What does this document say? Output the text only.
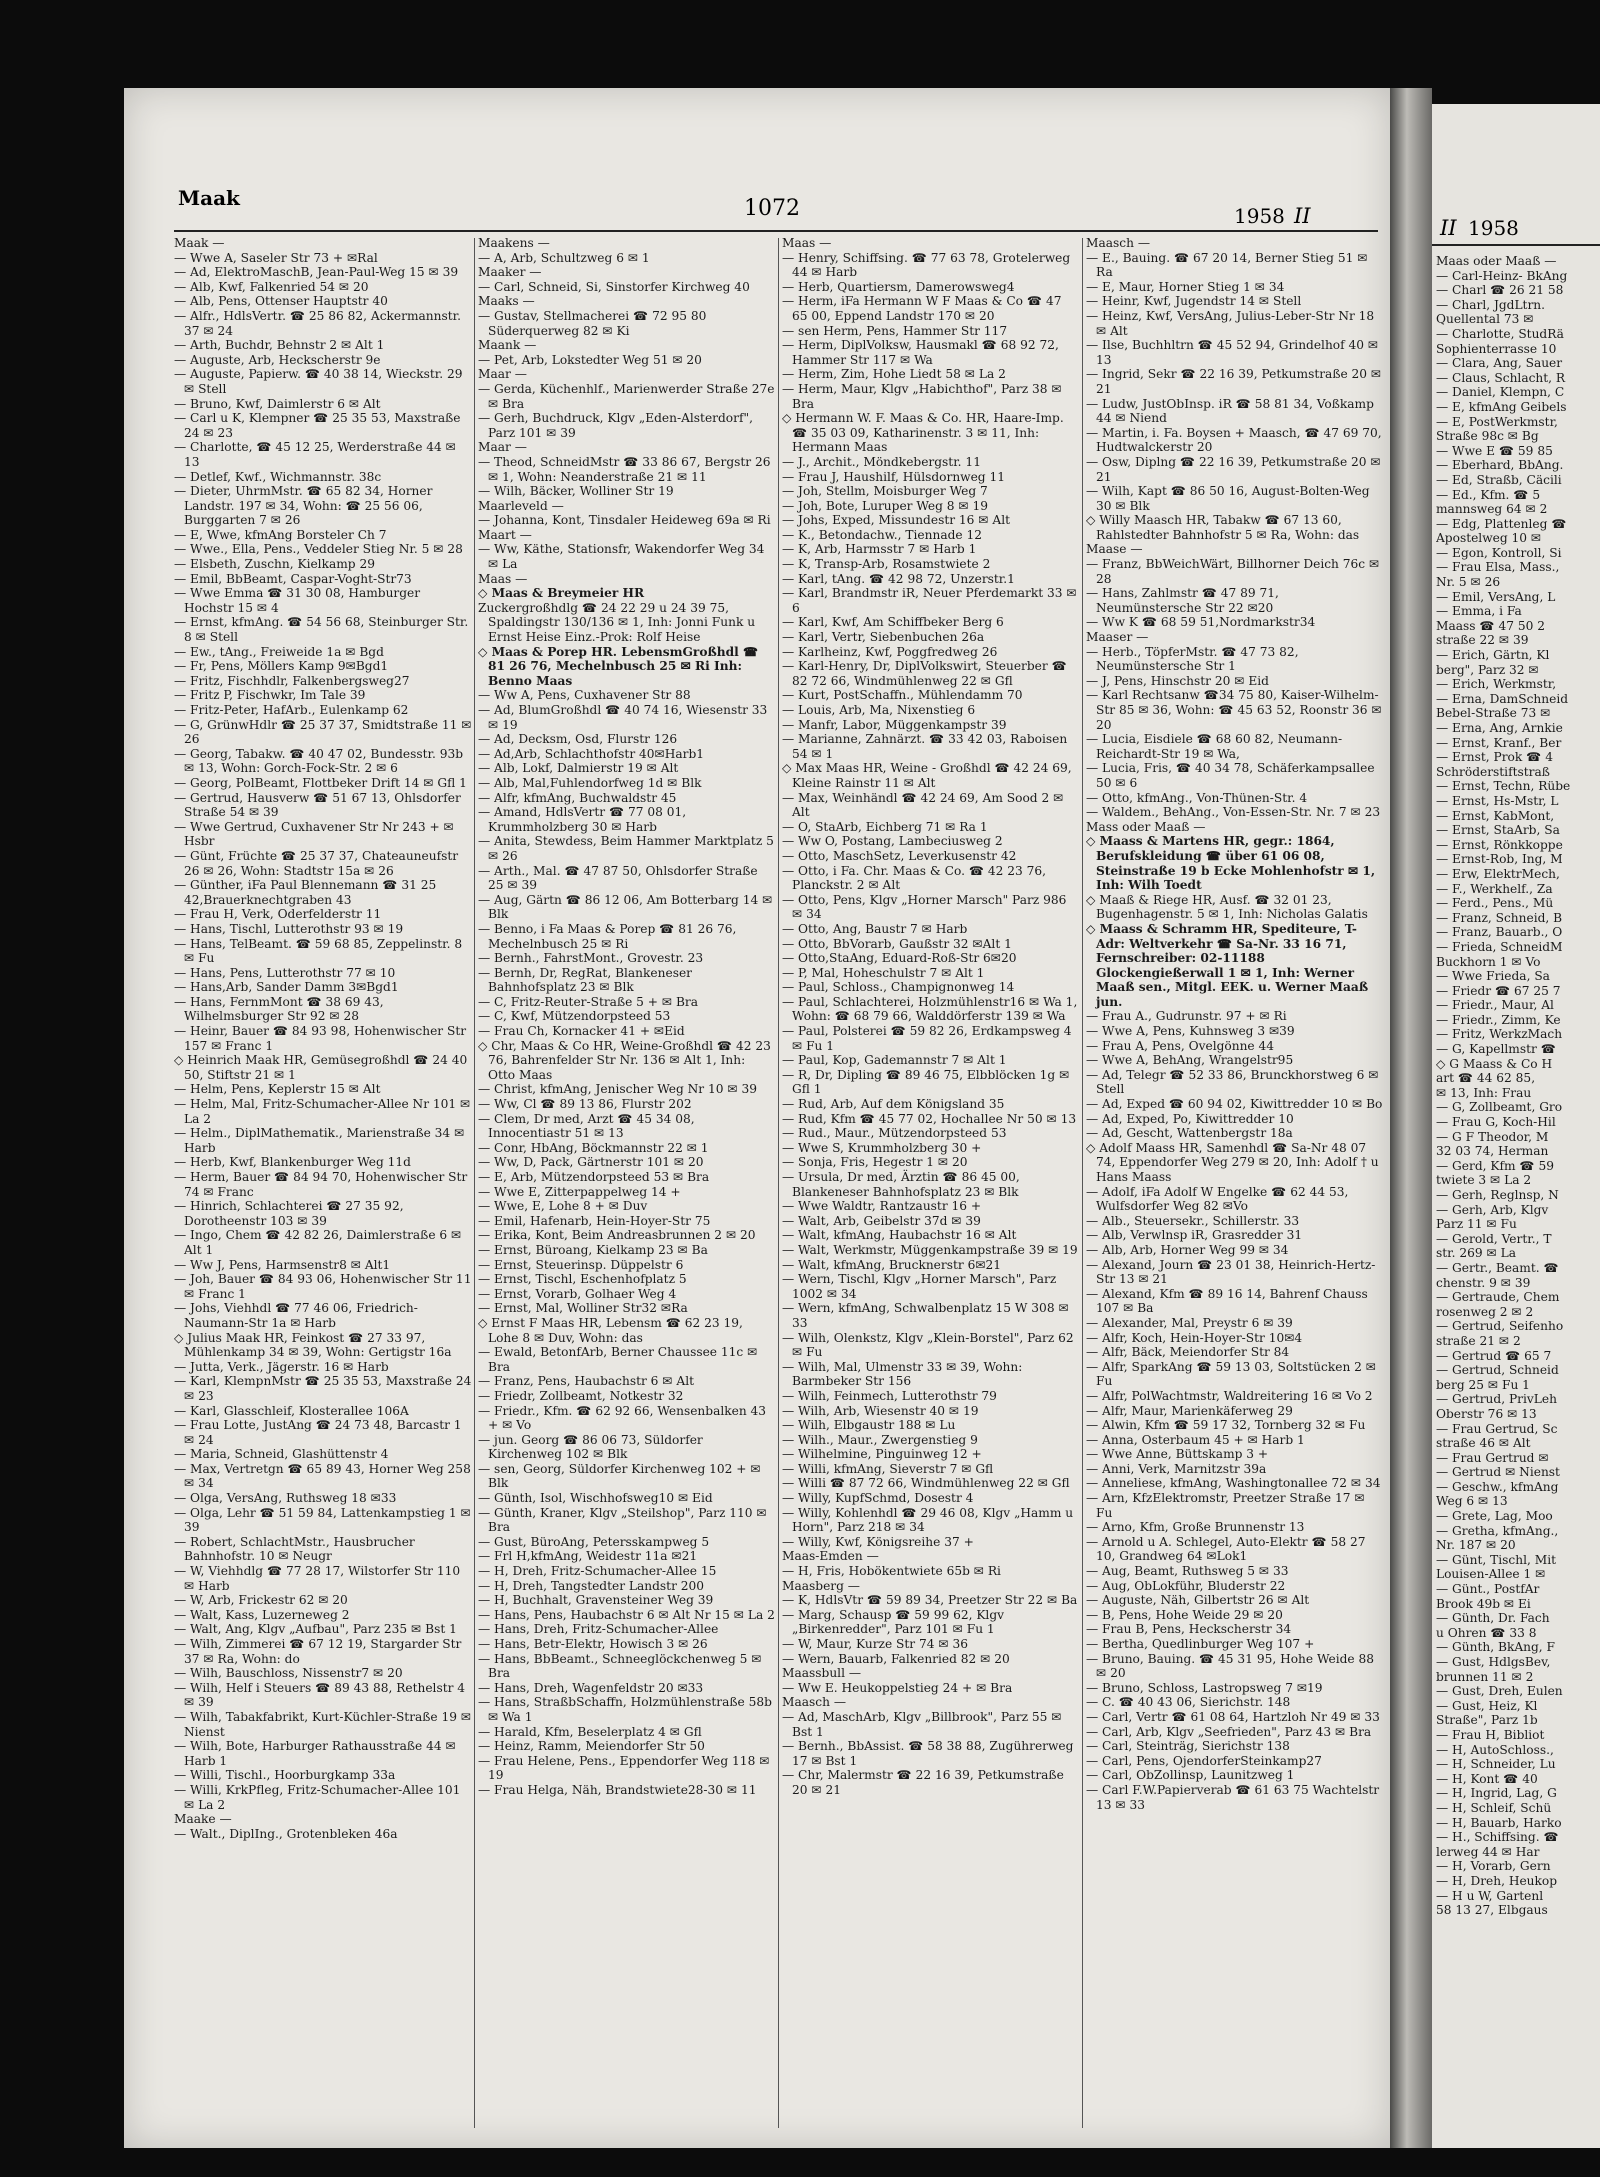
Maak	1072	1958 II
Maak —
— Wwe A, Saseler Str 73 + ✉Ral
— Ad, ElektroMaschB, Jean-Paul-Weg 15 ✉ 39
— Alb, Kwf, Falkenried 54 ✉ 20
— Alb, Pens, Ottenser Hauptstr 40
— Alfr., HdlsVertr. ☎ 25 86 82, Ackermannstr. 37 ✉ 24
— Arth, Buchdr, Behnstr 2 ✉ Alt 1
— Auguste, Arb, Heckscherstr 9e
— Auguste, Papierw. ☎ 40 38 14, Wieckstr. 29 ✉ Stell
— Bruno, Kwf, Daimlerstr 6 ✉ Alt
— Carl u K, Klempner ☎ 25 35 53, Maxstraße 24 ✉ 23
— Charlotte, ☎ 45 12 25, Werderstraße 44 ✉ 13
— Detlef, Kwf., Wichmannstr. 38c
— Dieter, UhrmMstr. ☎ 65 82 34, Horner Landstr. 197 ✉ 34, Wohn: ☎ 25 56 06, Burggarten 7 ✉ 26
— E, Wwe, kfmAng Borsteler Ch 7
— Wwe., Ella, Pens., Veddeler Stieg Nr. 5 ✉ 28
— Elsbeth, Zuschn, Kielkamp 29
— Emil, BbBeamt, Caspar-Voght-Str73
— Wwe Emma ☎ 31 30 08, Hamburger Hochstr 15 ✉ 4
— Ernst, kfmAng. ☎ 54 56 68, Steinburger Str. 8 ✉ Stell
— Ew., tAng., Freiweide 1a ✉ Bgd
— Fr, Pens, Möllers Kamp 9✉Bgd1
— Fritz, Fischhdlr, Falkenbergsweg27
— Fritz P, Fischwkr, Im Tale 39
— Fritz-Peter, HafArb., Eulenkamp 62
— G, GrünwHdlr ☎ 25 37 37, Smidtstraße 11 ✉ 26
— Georg, Tabakw. ☎ 40 47 02, Bundesstr. 93b ✉ 13, Wohn: Gorch-Fock-Str. 2 ✉ 6
— Georg, PolBeamt, Flottbeker Drift 14 ✉ Gfl 1
— Gertrud, Hausverw ☎ 51 67 13, Ohlsdorfer Straße 54 ✉ 39
— Wwe Gertrud, Cuxhavener Str Nr 243 + ✉ Hsbr
— Günt, Früchte ☎ 25 37 37, Chateauneufstr 26 ✉ 26, Wohn: Stadtstr 15a ✉ 26
— Günther, iFa Paul Blennemann ☎ 31 25 42,Brauerknechtgraben 43
— Frau H, Verk, Oderfelderstr 11
— Hans, Tischl, Lutterothstr 93 ✉ 19
— Hans, TelBeamt. ☎ 59 68 85, Zeppelinstr. 8 ✉ Fu
— Hans, Pens, Lutterothstr 77 ✉ 10
— Hans,Arb, Sander Damm 3✉Bgd1
— Hans, FernmMont ☎ 38 69 43, Wilhelmsburger Str 92 ✉ 28
— Heinr, Bauer ☎ 84 93 98, Hohenwischer Str 157 ✉ Franc 1
◇ Heinrich Maak HR, Gemüsegroßhdl ☎ 24 40 50, Stiftstr 21 ✉ 1
— Helm, Pens, Keplerstr 15 ✉ Alt
— Helm, Mal, Fritz-Schumacher-Allee Nr 101 ✉ La 2
— Helm., DiplMathematik., Marienstraße 34 ✉ Harb
— Herb, Kwf, Blankenburger Weg 11d
— Herm, Bauer ☎ 84 94 70, Hohenwischer Str 74 ✉ Franc
— Hinrich, Schlachterei ☎ 27 35 92, Dorotheenstr 103 ✉ 39
— Ingo, Chem ☎ 42 82 26, Daimlerstraße 6 ✉ Alt 1
— Ww J, Pens, Harmsenstr8 ✉ Alt1
— Joh, Bauer ☎ 84 93 06, Hohenwischer Str 11 ✉ Franc 1
— Johs, Viehhdl ☎ 77 46 06, Friedrich-Naumann-Str 1a ✉ Harb
◇ Julius Maak HR, Feinkost ☎ 27 33 97, Mühlenkamp 34 ✉ 39, Wohn: Gertigstr 16a
— Jutta, Verk., Jägerstr. 16 ✉ Harb
— Karl, KlempnMstr ☎ 25 35 53, Maxstraße 24 ✉ 23
— Karl, Glasschleif, Klosterallee 106A
— Frau Lotte, JustAng ☎ 24 73 48, Barcastr 1 ✉ 24
— Maria, Schneid, Glashüttenstr 4
— Max, Vertretgn ☎ 65 89 43, Horner Weg 258 ✉ 34
— Olga, VersAng, Ruthsweg 18 ✉33
— Olga, Lehr ☎ 51 59 84, Lattenkampstieg 1 ✉ 39
— Robert, SchlachtMstr., Hausbrucher Bahnhofstr. 10 ✉ Neugr
— W, Viehhdlg ☎ 77 28 17, Wilstorfer Str 110 ✉ Harb
— W, Arb, Frickestr 62 ✉ 20
— Walt, Kass, Luzerneweg 2
— Walt, Ang, Klgv „Aufbau", Parz 235 ✉ Bst 1
— Wilh, Zimmerei ☎ 67 12 19, Stargarder Str 37 ✉ Ra, Wohn: do
— Wilh, Bauschloss, Nissenstr7 ✉ 20
— Wilh, Helf i Steuers ☎ 89 43 88, Rethelstr 4 ✉ 39
— Wilh, Tabakfabrikt, Kurt-Küchler-Straße 19 ✉ Nienst
— Wilh, Bote, Harburger Rathausstraße 44 ✉ Harb 1
— Willi, Tischl., Hoorburgkamp 33a
— Willi, KrkPfleg, Fritz-Schumacher-Allee 101 ✉ La 2
Maake —
— Walt., DiplIng., Grotenbleken 46a
Maakens —
— A, Arb, Schultzweg 6 ✉ 1
Maaker —
— Carl, Schneid, Si, Sinstorfer Kirchweg 40
Maaks —
— Gustav, Stellmacherei ☎ 72 95 80 Süderquerweg 82 ✉ Ki
Maank —
— Pet, Arb, Lokstedter Weg 51 ✉ 20
Maar —
— Gerda, Küchenhlf., Marienwerder Straße 27e ✉ Bra
— Gerh, Buchdruck, Klgv „Eden-Alsterdorf", Parz 101 ✉ 39
Maar —
— Theod, SchneidMstr ☎ 33 86 67, Bergstr 26 ✉ 1, Wohn: Neanderstraße 21 ✉ 11
— Wilh, Bäcker, Wolliner Str 19
Maarleveld —
— Johanna, Kont, Tinsdaler Heideweg 69a ✉ Ri
Maart —
— Ww, Käthe, Stationsfr, Wakendorfer Weg 34 ✉ La
Maas —
◇ Maas & Breymeier HR
Zuckergroßhdlg ☎ 24 22 29 u 24 39 75, Spaldingstr 130/136 ✉ 1, Inh: Jonni Funk u Ernst Heise Einz.-Prok: Rolf Heise
◇ Maas & Porep HR. LebensmGroßhdl ☎ 81 26 76, Mechelnbusch 25 ✉ Ri Inh: Benno Maas
— Ww A, Pens, Cuxhavener Str 88
— Ad, BlumGroßhdl ☎ 40 74 16, Wiesenstr 33 ✉ 19
— Ad, Decksm, Osd, Flurstr 126
— Ad,Arb, Schlachthofstr 40✉Harb1
— Alb, Lokf, Dalmierstr 19 ✉ Alt
— Alb, Mal,Fuhlendorfweg 1d ✉ Blk
— Alfr, kfmAng, Buchwaldstr 45
— Amand, HdlsVertr ☎ 77 08 01, Krummholzberg 30 ✉ Harb
— Anita, Stewdess, Beim Hammer Marktplatz 5 ✉ 26
— Arth., Mal. ☎ 47 87 50, Ohlsdorfer Straße 25 ✉ 39
— Aug, Gärtn ☎ 86 12 06, Am Botterbarg 14 ✉ Blk
— Benno, i Fa Maas & Porep ☎ 81 26 76, Mechelnbusch 25 ✉ Ri
— Bernh., FahrstMont., Grovestr. 23
— Bernh, Dr, RegRat, Blankeneser Bahnhofsplatz 23 ✉ Blk
— C, Fritz-Reuter-Straße 5 + ✉ Bra
— C, Kwf, Mützendorpsteed 53
— Frau Ch, Kornacker 41 + ✉Eid
◇ Chr, Maas & Co HR, Weine-Großhdl ☎ 42 23 76, Bahrenfelder Str Nr. 136 ✉ Alt 1, Inh: Otto Maas
— Christ, kfmAng, Jenischer Weg Nr 10 ✉ 39
— Ww, Cl ☎ 89 13 86, Flurstr 202
— Clem, Dr med, Arzt ☎ 45 34 08, Innocentiastr 51 ✉ 13
— Conr, HbAng, Böckmannstr 22 ✉ 1
— Ww, D, Pack, Gärtnerstr 101 ✉ 20
— E, Arb, Mützendorpsteed 53 ✉ Bra
— Wwe E, Zitterpappelweg 14 +
— Wwe, E, Lohe 8 + ✉ Duv
— Emil, Hafenarb, Hein-Hoyer-Str 75
— Erika, Kont, Beim Andreasbrunnen 2 ✉ 20
— Ernst, Büroang, Kielkamp 23 ✉ Ba
— Ernst, Steuerinsp. Düppelstr 6
— Ernst, Tischl, Eschenhofplatz 5
— Ernst, Vorarb, Golhaer Weg 4
— Ernst, Mal, Wolliner Str32 ✉Ra
◇ Ernst F Maas HR, Lebensm ☎ 62 23 19, Lohe 8 ✉ Duv, Wohn: das
— Ewald, BetonfArb, Berner Chaussee 11c ✉ Bra
— Franz, Pens, Haubachstr 6 ✉ Alt
— Friedr, Zollbeamt, Notkestr 32
— Friedr., Kfm. ☎ 62 92 66, Wensenbalken 43 + ✉ Vo
— jun. Georg ☎ 86 06 73, Süldorfer Kirchenweg 102 ✉ Blk
— sen, Georg, Süldorfer Kirchenweg 102 + ✉ Blk
— Günth, Isol, Wischhofsweg10 ✉ Eid
— Günth, Kraner, Klgv „Steilshop", Parz 110 ✉ Bra
— Gust, BüroAng, Petersskampweg 5
— Frl H,kfmAng, Weidestr 11a ✉21
— H, Dreh, Fritz-Schumacher-Allee 15
— H, Dreh, Tangstedter Landstr 200
— H, Buchhalt, Gravensteiner Weg 39
— Hans, Pens, Haubachstr 6 ✉ Alt Nr 15 ✉ La 2
— Hans, Dreh, Fritz-Schumacher-Allee
— Hans, Betr-Elektr, Howisch 3 ✉ 26
— Hans, BbBeamt., Schneeglöckchenweg 5 ✉ Bra
— Hans, Dreh, Wagenfeldstr 20 ✉33
— Hans, StraßbSchaffn, Holzmühlenstraße 58b ✉ Wa 1
— Harald, Kfm, Beselerplatz 4 ✉ Gfl
— Heinz, Ramm, Meiendorfer Str 50
— Frau Helene, Pens., Eppendorfer Weg 118 ✉ 19
— Frau Helga, Näh, Brandstwiete28-30 ✉ 11
Maas —
— Henry, Schiffsing. ☎ 77 63 78, Grotelerweg 44 ✉ Harb
— Herb, Quartiersm, Damerowsweg4
— Herm, iFa Hermann W F Maas & Co ☎ 47 65 00, Eppend Landstr 170 ✉ 20
— sen Herm, Pens, Hammer Str 117
— Herm, DiplVolksw, Hausmakl ☎ 68 92 72, Hammer Str 117 ✉ Wa
— Herm, Zim, Hohe Liedt 58 ✉ La 2
— Herm, Maur, Klgv „Habichthof", Parz 38 ✉ Bra
◇ Hermann W. F. Maas & Co. HR, Haare-Imp. ☎ 35 03 09, Katharinenstr. 3 ✉ 11, Inh: Hermann Maas
— J., Archit., Möndkebergstr. 11
— Frau J, Haushilf, Hülsdornweg 11
— Joh, Stellm, Moisburger Weg 7
— Joh, Bote, Luruper Weg 8 ✉ 19
— Johs, Exped, Missundestr 16 ✉ Alt
— K., Betondachw., Tiennade 12
— K, Arb, Harmsstr 7 ✉ Harb 1
— K, Transp-Arb, Rosamstwiete 2
— Karl, tAng. ☎ 42 98 72, Unzerstr.1
— Karl, Brandmstr iR, Neuer Pferdemarkt 33 ✉ 6
— Karl, Kwf, Am Schiffbeker Berg 6
— Karl, Vertr, Siebenbuchen 26a
— Karlheinz, Kwf, Poggfredweg 26
— Karl-Henry, Dr, DiplVolkswirt, Steuerber ☎ 82 72 66, Windmühlenweg 22 ✉ Gfl
— Kurt, PostSchaffn., Mühlendamm 70
— Louis, Arb, Ma, Nixenstieg 6
— Manfr, Labor, Müggenkampstr 39
— Marianne, Zahnärzt. ☎ 33 42 03, Raboisen 54 ✉ 1
◇ Max Maas HR, Weine - Großhdl ☎ 42 24 69, Kleine Rainstr 11 ✉ Alt
— Max, Weinhändl ☎ 42 24 69, Am Sood 2 ✉ Alt
— O, StaArb, Eichberg 71 ✉ Ra 1
— Ww O, Postang, Lambeciusweg 2
— Otto, MaschSetz, Leverkusenstr 42
— Otto, i Fa. Chr. Maas & Co. ☎ 42 23 76, Planckstr. 2 ✉ Alt
— Otto, Pens, Klgv „Horner Marsch" Parz 986 ✉ 34
— Otto, Ang, Baustr 7 ✉ Harb
— Otto, BbVorarb, Gaußstr 32 ✉Alt 1
— Otto,StaAng, Eduard-Roß-Str 6✉20
— P, Mal, Hoheschulstr 7 ✉ Alt 1
— Paul, Schloss., Champignonweg 14
— Paul, Schlachterei, Holzmühlenstr16 ✉ Wa 1, Wohn: ☎ 68 79 66, Walddörferstr 139 ✉ Wa
— Paul, Polsterei ☎ 59 82 26, Erdkampsweg 4 ✉ Fu 1
— Paul, Kop, Gademannstr 7 ✉ Alt 1
— R, Dr, Dipling ☎ 89 46 75, Elbblöcken 1g ✉ Gfl 1
— Rud, Arb, Auf dem Königsland 35
— Rud, Kfm ☎ 45 77 02, Hochallee Nr 50 ✉ 13
— Rud., Maur., Mützendorpsteed 53
— Wwe S, Krummholzberg 30 +
— Sonja, Fris, Hegestr 1 ✉ 20
— Ursula, Dr med, Ärztin ☎ 86 45 00, Blankeneser Bahnhofsplatz 23 ✉ Blk
— Wwe Waldtr, Rantzaustr 16 +
— Walt, Arb, Geibelstr 37d ✉ 39
— Walt, kfmAng, Haubachstr 16 ✉ Alt
— Walt, Werkmstr, Müggenkampstraße 39 ✉ 19
— Walt, kfmAng, Brucknerstr 6✉21
— Wern, Tischl, Klgv „Horner Marsch", Parz 1002 ✉ 34
— Wern, kfmAng, Schwalbenplatz 15 W 308 ✉ 33
— Wilh, Olenkstz, Klgv „Klein-Borstel", Parz 62 ✉ Fu
— Wilh, Mal, Ulmenstr 33 ✉ 39, Wohn: Barmbeker Str 156
— Wilh, Feinmech, Lutterothstr 79
— Wilh, Arb, Wiesenstr 40 ✉ 19
— Wilh, Elbgaustr 188 ✉ Lu
— Wilh., Maur., Zwergenstieg 9
— Wilhelmine, Pinguinweg 12 +
— Willi, kfmAng, Sieverstr 7 ✉ Gfl
— Willi ☎ 87 72 66, Windmühlenweg 22 ✉ Gfl
— Willy, KupfSchmd, Dosestr 4
— Willy, Kohlenhdl ☎ 29 46 08, Klgv „Hamm u Horn", Parz 218 ✉ 34
— Willy, Kwf, Königsreihe 37 +
Maas-Emden —
— H, Fris, Hobökentwiete 65b ✉ Ri
Maasberg —
— K, HdlsVtr ☎ 59 89 34, Preetzer Str 22 ✉ Ba
— Marg, Schausp ☎ 59 99 62, Klgv „Birkenredder", Parz 101 ✉ Fu 1
— W, Maur, Kurze Str 74 ✉ 36
— Wern, Bauarb, Falkenried 82 ✉ 20
Maassbull —
— Ww E. Heukoppelstieg 24 + ✉ Bra
Maasch —
— Ad, MaschArb, Klgv „Billbrook", Parz 55 ✉ Bst 1
— Bernh., BbAssist. ☎ 58 38 88, Zugührerweg 17 ✉ Bst 1
— Chr, Malermstr ☎ 22 16 39, Petkumstraße 20 ✉ 21
Maasch —
— E., Bauing. ☎ 67 20 14, Berner Stieg 51 ✉ Ra
— E, Maur, Horner Stieg 1 ✉ 34
— Heinr, Kwf, Jugendstr 14 ✉ Stell
— Heinz, Kwf, VersAng, Julius-Leber-Str Nr 18 ✉ Alt
— Ilse, Buchhltrn ☎ 45 52 94, Grindelhof 40 ✉ 13
— Ingrid, Sekr ☎ 22 16 39, Petkumstraße 20 ✉ 21
— Ludw, JustObInsp. iR ☎ 58 81 34, Voßkamp 44 ✉ Niend
— Martin, i. Fa. Boysen + Maasch, ☎ 47 69 70, Hudtwalckerstr 20
— Osw, Diplng ☎ 22 16 39, Petkumstraße 20 ✉ 21
— Wilh, Kapt ☎ 86 50 16, August-Bolten-Weg 30 ✉ Blk
◇ Willy Maasch HR, Tabakw ☎ 67 13 60, Rahlstedter Bahnhofstr 5 ✉ Ra, Wohn: das
Maase —
— Franz, BbWeichWärt, Billhorner Deich 76c ✉ 28
— Hans, Zahlmstr ☎ 47 89 71, Neumünstersche Str 22 ✉20
— Ww K ☎ 68 59 51,Nordmarkstr34
Maaser —
— Herb., TöpferMstr. ☎ 47 73 82, Neumünstersche Str 1
— J, Pens, Hinschstr 20 ✉ Eid
— Karl Rechtsanw ☎34 75 80, Kaiser-Wilhelm-Str 85 ✉ 36, Wohn: ☎ 45 63 52, Roonstr 36 ✉ 20
— Lucia, Eisdiele ☎ 68 60 82, Neumann-Reichardt-Str 19 ✉ Wa,
— Lucia, Fris, ☎ 40 34 78, Schäferkampsallee 50 ✉ 6
— Otto, kfmAng., Von-Thünen-Str. 4
— Waldem., BehAng., Von-Essen-Str. Nr. 7 ✉ 23
Mass oder Maaß —
◇ Maass & Martens HR, gegr.: 1864, Berufskleidung ☎ über 61 06 08, Steinstraße 19 b Ecke Mohlenhofstr ✉ 1, Inh: Wilh Toedt
◇ Maaß & Riege HR, Ausf. ☎ 32 01 23, Bugenhagenstr. 5 ✉ 1, Inh: Nicholas Galatis
◇ Maass & Schramm HR, Spediteure, T-Adr: Weltverkehr ☎ Sa-Nr. 33 16 71, Fernschreiber: 02-11188 Glockengießerwall 1 ✉ 1, Inh: Werner Maaß sen., Mitgl. EEK. u. Werner Maaß jun.
— Frau A., Gudrunstr. 97 + ✉ Ri
— Wwe A, Pens, Kuhnsweg 3 ✉39
— Frau A, Pens, Ovelgönne 44
— Wwe A, BehAng, Wrangelstr95
— Ad, Telegr ☎ 52 33 86, Brunckhorstweg 6 ✉ Stell
— Ad, Exped ☎ 60 94 02, Kiwittredder 10 ✉ Bo
— Ad, Exped, Po, Kiwittredder 10
— Ad, Gescht, Wattenbergstr 18a
◇ Adolf Maass HR, Samenhdl ☎ Sa-Nr 48 07 74, Eppendorfer Weg 279 ✉ 20, Inh: Adolf † u Hans Maass
— Adolf, iFa Adolf W Engelke ☎ 62 44 53, Wulfsdorfer Weg 82 ✉Vo
— Alb., Steuersekr., Schillerstr. 33
— Alb, Verwlnsp iR, Grasredder 31
— Alb, Arb, Horner Weg 99 ✉ 34
— Alexand, Journ ☎ 23 01 38, Heinrich-Hertz-Str 13 ✉ 21
— Alexand, Kfm ☎ 89 16 14, Bahrenf Chauss 107 ✉ Ba
— Alexander, Mal, Preystr 6 ✉ 39
— Alfr, Koch, Hein-Hoyer-Str 10✉4
— Alfr, Bäck, Meiendorfer Str 84
— Alfr, SparkAng ☎ 59 13 03, Soltstücken 2 ✉ Fu
— Alfr, PolWachtmstr, Waldreitering 16 ✉ Vo 2
— Alfr, Maur, Marienkäferweg 29
— Alwin, Kfm ☎ 59 17 32, Tornberg 32 ✉ Fu
— Anna, Osterbaum 45 + ✉ Harb 1
— Wwe Anne, Büttskamp 3 +
— Anni, Verk, Marnitzstr 39a
— Anneliese, kfmAng, Washingtonallee 72 ✉ 34
— Arn, KfzElektromstr, Preetzer Straße 17 ✉ Fu
— Arno, Kfm, Große Brunnenstr 13
— Arnold u A. Schlegel, Auto-Elektr ☎ 58 27 10, Grandweg 64 ✉Lok1
— Aug, Beamt, Ruthsweg 5 ✉ 33
— Aug, ObLokführ, Bluderstr 22
— Auguste, Näh, Gilbertstr 26 ✉ Alt
— B, Pens, Hohe Weide 29 ✉ 20
— Frau B, Pens, Heckscherstr 34
— Bertha, Quedlinburger Weg 107 +
— Bruno, Bauing. ☎ 45 31 95, Hohe Weide 88 ✉ 20
— Bruno, Schloss, Lastropsweg 7 ✉19
— C. ☎ 40 43 06, Sierichstr. 148
— Carl, Vertr ☎ 61 08 64, Hartzloh Nr 49 ✉ 33
— Carl, Arb, Klgv „Seefrieden", Parz 43 ✉ Bra
— Carl, Steinträg, Sierichstr 138
— Carl, Pens, OjendorferSteinkamp27
— Carl, ObZollinsp, Launitzweg 1
— Carl F.W.Papierverab ☎ 61 63 75 Wachtelstr 13 ✉ 33
II 1958
Maas oder Maaß —
— Carl-Heinz- BkAng
— Charl ☎ 26 21 58
— Charl, JgdLtrn.
Quellental 73 ✉
— Charlotte, StudRä
Sophienterrasse 10
— Clara, Ang, Sauer
— Claus, Schlacht, R
— Daniel, Klempn, C
— E, kfmAng Geibels
— E, PostWerkmstr,
Straße 98c ✉ Bg
— Wwe E ☎ 59 85
— Eberhard, BbAng.
— Ed, Straßb, Cäcili
— Ed., Kfm. ☎ 5
mannsweg 64 ✉ 2
— Edg, Plattenleg ☎
Apostelweg 10 ✉
— Egon, Kontroll, Si
— Frau Elsa, Mass.,
Nr. 5 ✉ 26
— Emil, VersAng, L
— Emma, i Fa
Maass ☎ 47 50 2
straße 22 ✉ 39
— Erich, Gärtn, Kl
berg", Parz 32 ✉
— Erich, Werkmstr,
— Erna, DamSchneid
Bebel-Straße 73 ✉
— Erna, Ang, Arnkie
— Ernst, Kranf., Ber
— Ernst, Prok ☎ 4
Schröderstiftstraß
— Ernst, Techn, Rübe
— Ernst, Hs-Mstr, L
— Ernst, KabMont,
— Ernst, StaArb, Sa
— Ernst, Rönkkoppe
— Ernst-Rob, Ing, M
— Erw, ElektrMech,
— F., Werkhelf., Za
— Ferd., Pens., Mü
— Franz, Schneid, B
— Franz, Bauarb., O
— Frieda, SchneidM
Buckhorn 1 ✉ Vo
— Wwe Frieda, Sa
— Friedr ☎ 67 25 7
— Friedr., Maur, Al
— Friedr., Zimm, Ke
— Fritz, WerkzMach
— G, Kapellmstr ☎
◇ G Maass & Co H
art ☎ 44 62 85,
✉ 13, Inh: Frau
— G, Zollbeamt, Gro
— Frau G, Koch-Hil
— G F Theodor, M
32 03 74, Herman
— Gerd, Kfm ☎ 59
twiete 3 ✉ La 2
— Gerh, Reglnsp, N
— Gerh, Arb, Klgv
Parz 11 ✉ Fu
— Gerold, Vertr., T
str. 269 ✉ La
— Gertr., Beamt. ☎
chenstr. 9 ✉ 39
— Gertraude, Chem
rosenweg 2 ✉ 2
— Gertrud, Seifenho
straße 21 ✉ 2
— Gertrud ☎ 65 7
— Gertrud, Schneid
berg 25 ✉ Fu 1
— Gertrud, PrivLeh
Oberstr 76 ✉ 13
— Frau Gertrud, Sc
straße 46 ✉ Alt
— Frau Gertrud ✉
— Gertrud ✉ Nienst
— Geschw., kfmAng
Weg 6 ✉ 13
— Grete, Lag, Moo
— Gretha, kfmAng.,
Nr. 187 ✉ 20
— Günt, Tischl, Mit
Louisen-Allee 1 ✉
— Günt., PostfAr
Brook 49b ✉ Ei
— Günth, Dr. Fach
u Ohren ☎ 33 8
— Günth, BkAng, F
— Gust, HdlgsBev,
brunnen 11 ✉ 2
— Gust, Dreh, Eulen
— Gust, Heiz, Kl
Straße", Parz 1b
— Frau H, Bibliot
— H, AutoSchloss.,
— H, Schneider, Lu
— H, Kont ☎ 40
— H, Ingrid, Lag, G
— H, Schleif, Schü
— H, Bauarb, Harko
— H., Schiffsing. ☎
lerweg 44 ✉ Har
— H, Vorarb, Gern
— H, Dreh, Heukop
— H u W, Gartenl
58 13 27, Elbgaus
